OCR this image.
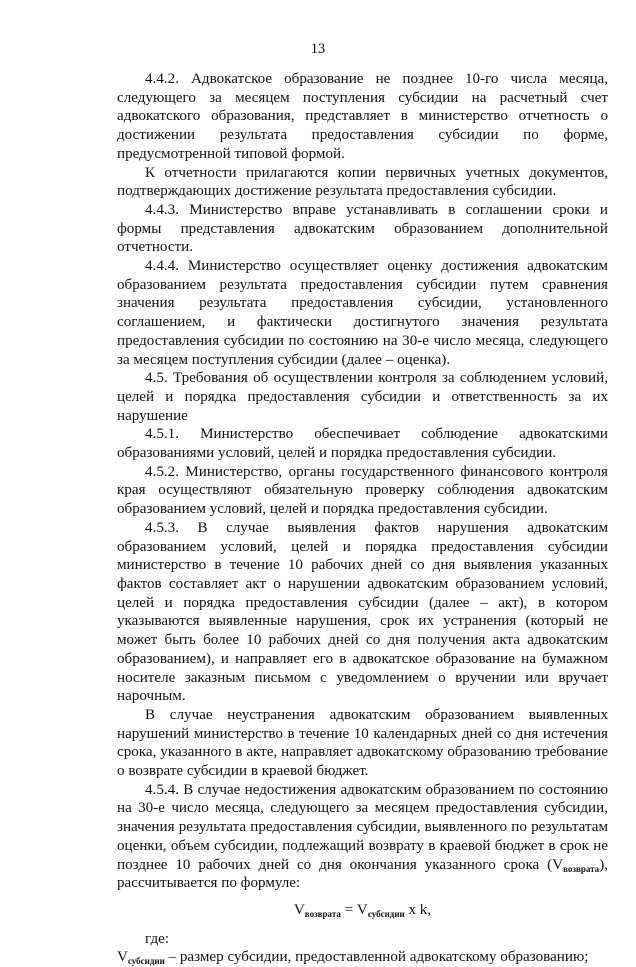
13

4.4.2. Адвокатское образование не позднее 10-го числа месяца, следующего за месяцем поступления субсидии на расчетный счет адвокатского образования, представляет в министерство отчетность о достижении результата предоставления субсидии по форме, предусмотренной типовой формой.

К отчетности прилагаются копии первичных учетных документов, подтверждающих достижение результата предоставления субсидии.

4.4.3. Министерство вправе устанавливать в соглашении сроки и формы представления адвокатским образованием дополнительной отчетности.

4.4.4. Министерство осуществляет оценку достижения адвокатским образованием результата предоставления субсидии путем сравнения значения результата предоставления субсидии, установленного соглашением, и фактически достигнутого значения результата предоставления субсидии по состоянию на 30-е число месяца, следующего за месяцем поступления субсидии (далее – оценка).

4.5. Требования об осуществлении контроля за соблюдением условий, целей и порядка предоставления субсидии и ответственность за их нарушение

4.5.1. Министерство обеспечивает соблюдение адвокатскими образованиями условий, целей и порядка предоставления субсидии.

4.5.2. Министерство, органы государственного финансового контроля края осуществляют обязательную проверку соблюдения адвокатским образованием условий, целей и порядка предоставления субсидии.

4.5.3. В случае выявления фактов нарушения адвокатским образованием условий, целей и порядка предоставления субсидии министерство в течение 10 рабочих дней со дня выявления указанных фактов составляет акт о нарушении адвокатским образованием условий, целей и порядка предоставления субсидии (далее – акт), в котором указываются выявленные нарушения, срок их устранения (который не может быть более 10 рабочих дней со дня получения акта адвокатским образованием), и направляет его в адвокатское образование на бумажном носителе заказным письмом с уведомлением о вручении или вручает нарочным.

В случае неустранения адвокатским образованием выявленных нарушений министерство в течение 10 календарных дней со дня истечения срока, указанного в акте, направляет адвокатскому образованию требование о возврате субсидии в краевой бюджет.

4.5.4. В случае недостижения адвокатским образованием по состоянию на 30-е число месяца, следующего за месяцем предоставления субсидии, значения результата предоставления субсидии, выявленного по результатам оценки, объем субсидии, подлежащий возврату в краевой бюджет в срок не позднее 10 рабочих дней со дня окончания указанного срока $(V_{возврата})$, рассчитывается по формуле:

$V_{возврата} = V_{субсидии}$ x k,
где:

$V_{субсидии}$ – размер субсидии, предоставленной адвокатскому образованию;
